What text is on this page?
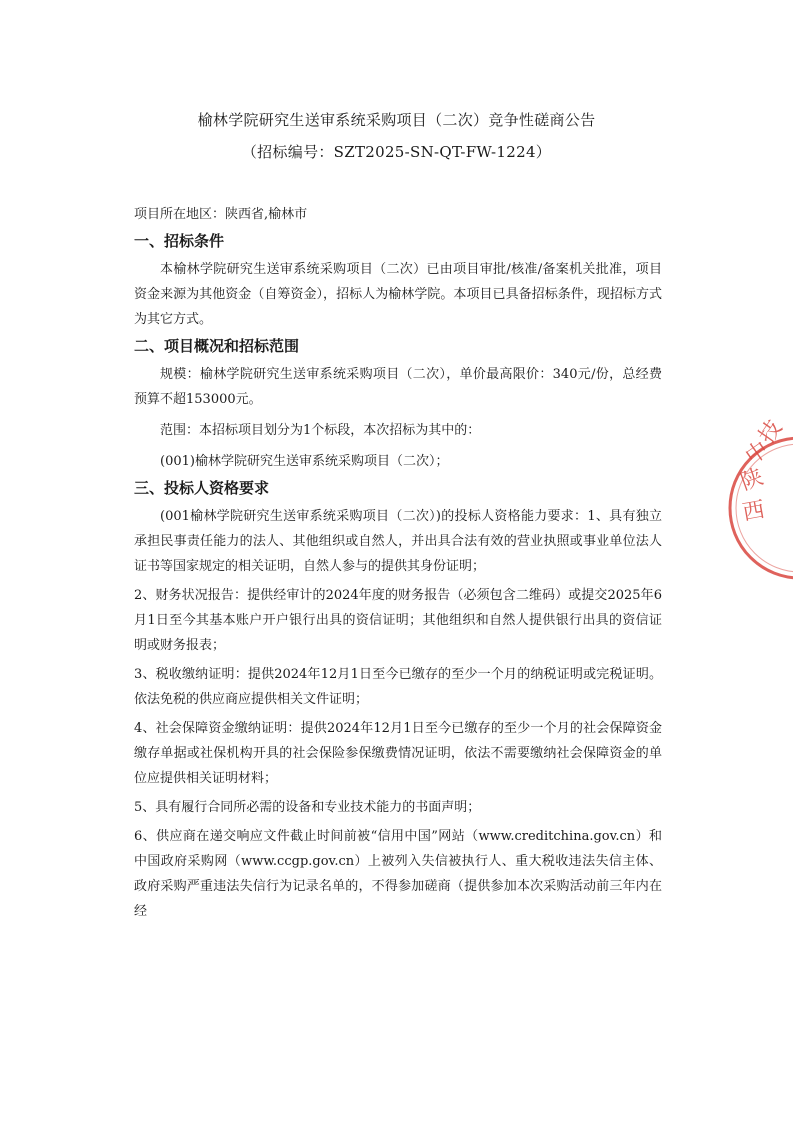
榆林学院研究生送审系统采购项目（二次）竞争性磋商公告
（招标编号：SZT2025-SN-QT-FW-1224）

项目所在地区：陕西省,榆林市

一、招标条件

本榆林学院研究生送审系统采购项目（二次）已由项目审批/核准/备案机关批准，项目资金来源为其他资金（自筹资金），招标人为榆林学院。本项目已具备招标条件，现招标方式为其它方式。

二、项目概况和招标范围

规模：榆林学院研究生送审系统采购项目（二次），单价最高限价：340元/份，总经费预算不超153000元。

范围：本招标项目划分为1个标段，本次招标为其中的：

(001)榆林学院研究生送审系统采购项目（二次）；

三、投标人资格要求

(001榆林学院研究生送审系统采购项目（二次）)的投标人资格能力要求：1、具有独立承担民事责任能力的法人、其他组织或自然人，并出具合法有效的营业执照或事业单位法人证书等国家规定的相关证明，自然人参与的提供其身份证明；

2、财务状况报告：提供经审计的2024年度的财务报告（必须包含二维码）或提交2025年6月1日至今其基本账户开户银行出具的资信证明；其他组织和自然人提供银行出具的资信证明或财务报表；

3、税收缴纳证明：提供2024年12月1日至今已缴存的至少一个月的纳税证明或完税证明。依法免税的供应商应提供相关文件证明；

4、社会保障资金缴纳证明：提供2024年12月1日至今已缴存的至少一个月的社会保障资金缴存单据或社保机构开具的社会保险参保缴费情况证明，依法不需要缴纳社会保障资金的单位应提供相关证明材料；

5、具有履行合同所必需的设备和专业技术能力的书面声明；

6、供应商在递交响应文件截止时间前被“信用中国”网站（www.creditchina.gov.cn）和中国政府采购网（www.ccgp.gov.cn）上被列入失信被执行人、重大税收违法失信主体、政府采购严重违法失信行为记录名单的，不得参加磋商（提供参加本次采购活动前三年内在经

陕
西
中
技
